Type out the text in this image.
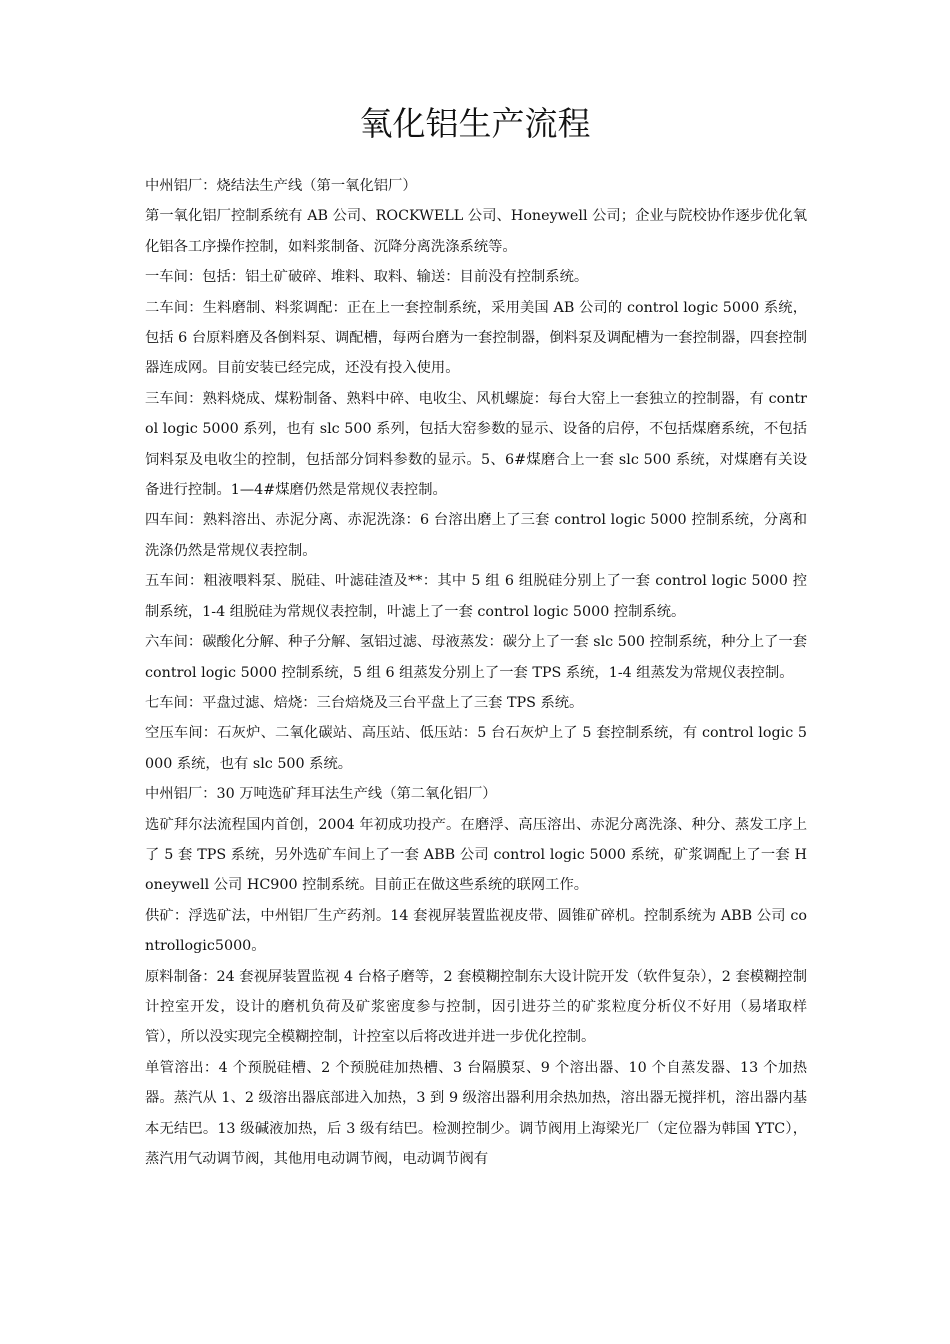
氧化铝生产流程

中州铝厂：烧结法生产线（第一氧化铝厂）

第一氧化铝厂控制系统有 AB 公司、ROCKWELL 公司、Honeywell 公司；企业与院校协作逐步优化氧化铝各工序操作控制，如料浆制备、沉降分离洗涤系统等。

一车间：包括：铝土矿破碎、堆料、取料、输送：目前没有控制系统。

二车间：生料磨制、料浆调配：正在上一套控制系统，采用美国 AB 公司的 control logic 5000 系统，包括 6 台原料磨及各倒料泵、调配槽，每两台磨为一套控制器，倒料泵及调配槽为一套控制器，四套控制器连成网。目前安装已经完成，还没有投入使用。

三车间：熟料烧成、煤粉制备、熟料中碎、电收尘、风机螺旋：每台大窑上一套独立的控制器，有 control logic 5000 系列，也有 slc 500 系列，包括大窑参数的显示、设备的启停，不包括煤磨系统，不包括饲料泵及电收尘的控制，包括部分饲料参数的显示。5、6#煤磨合上一套 slc 500 系统，对煤磨有关设备进行控制。1—4#煤磨仍然是常规仪表控制。

四车间：熟料溶出、赤泥分离、赤泥洗涤：6 台溶出磨上了三套 control logic 5000 控制系统，分离和洗涤仍然是常规仪表控制。

五车间：粗液喂料泵、脱硅、叶滤硅渣及**：其中 5 组 6 组脱硅分别上了一套 control logic 5000 控制系统，1-4 组脱硅为常规仪表控制，叶滤上了一套 control logic 5000 控制系统。

六车间：碳酸化分解、种子分解、氢铝过滤、母液蒸发：碳分上了一套 slc 500 控制系统，种分上了一套 control logic 5000 控制系统，5 组 6 组蒸发分别上了一套 TPS 系统，1-4 组蒸发为常规仪表控制。

七车间：平盘过滤、焙烧：三台焙烧及三台平盘上了三套 TPS 系统。

空压车间：石灰炉、二氧化碳站、高压站、低压站：5 台石灰炉上了 5 套控制系统，有 control logic 5000 系统，也有 slc 500 系统。

中州铝厂：30 万吨选矿拜耳法生产线（第二氧化铝厂）

选矿拜尔法流程国内首创，2004 年初成功投产。在磨浮、高压溶出、赤泥分离洗涤、种分、蒸发工序上了 5 套 TPS 系统，另外选矿车间上了一套 ABB 公司 control logic 5000 系统，矿浆调配上了一套 Honeywell 公司 HC900 控制系统。目前正在做这些系统的联网工作。

供矿：浮选矿法，中州铝厂生产药剂。14 套视屏装置监视皮带、圆锥矿碎机。控制系统为 ABB 公司 controllogic5000。

原料制备：24 套视屏装置监视 4 台格子磨等，2 套模糊控制东大设计院开发（软件复杂），2 套模糊控制计控室开发，设计的磨机负荷及矿浆密度参与控制，因引进芬兰的矿浆粒度分析仪不好用（易堵取样管），所以没实现完全模糊控制，计控室以后将改进并进一步优化控制。

单管溶出：4 个预脱硅槽、2 个预脱硅加热槽、3 台隔膜泵、9 个溶出器、10 个自蒸发器、13 个加热器。蒸汽从 1、2 级溶出器底部进入加热，3 到 9 级溶出器利用余热加热，溶出器无搅拌机，溶出器内基本无结巴。13 级碱液加热，后 3 级有结巴。检测控制少。调节阀用上海梁光厂（定位器为韩国 YTC），蒸汽用气动调节阀，其他用电动调节阀，电动调节阀有
